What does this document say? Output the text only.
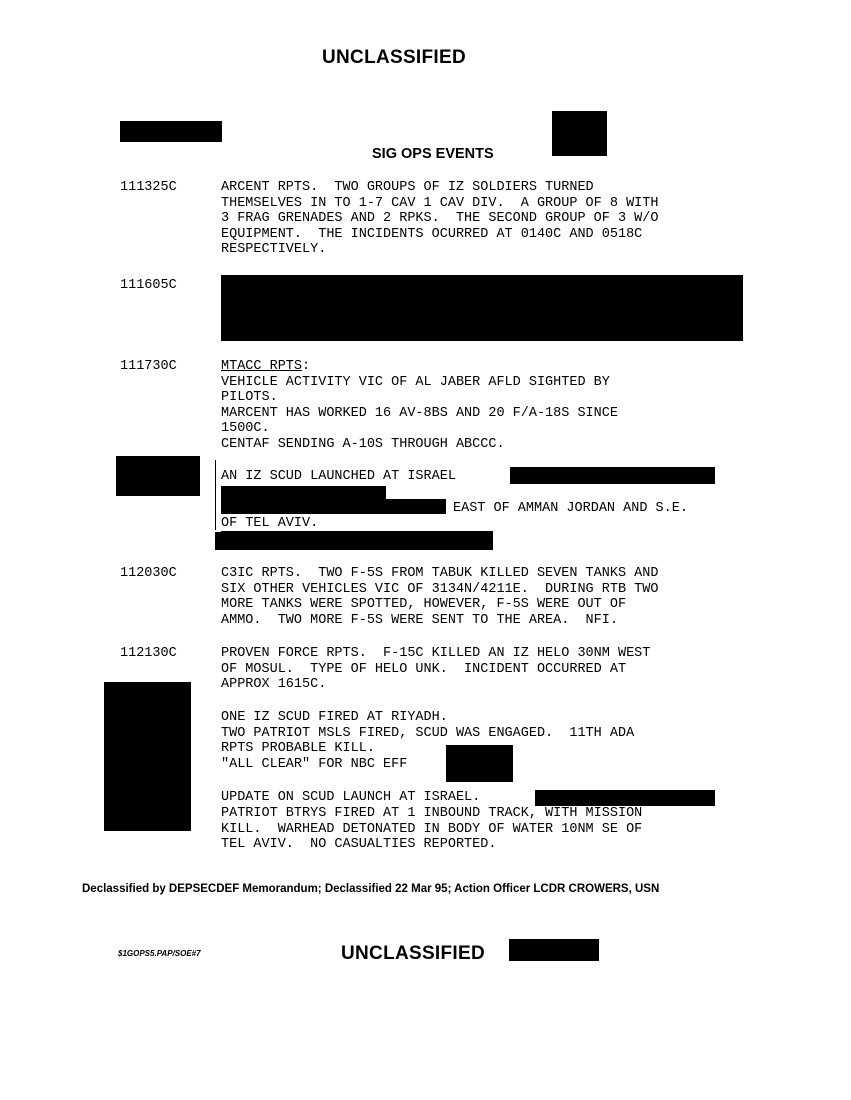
UNCLASSIFIED
SIG OPS EVENTS
111325C	ARCENT RPTS.  TWO GROUPS OF IZ SOLDIERS TURNED
THEMSELVES IN TO 1-7 CAV 1 CAV DIV.  A GROUP OF 8 WITH
3 FRAG GRENADES AND 2 RPKS.  THE SECOND GROUP OF 3 W/O
EQUIPMENT.  THE INCIDENTS OCURRED AT 0140C AND 0518C
RESPECTIVELY.
111605C
111730C	MTACC RPTS:
VEHICLE ACTIVITY VIC OF AL JABER AFLD SIGHTED BY
PILOTS.
MARCENT HAS WORKED 16 AV-8BS AND 20 F/A-18S SINCE
1500C.
CENTAF SENDING A-10S THROUGH ABCCC.
AN IZ SCUD LAUNCHED AT ISRAEL
EAST OF AMMAN JORDAN AND S.E.
OF TEL AVIV.
112030C	C3IC RPTS.  TWO F-5S FROM TABUK KILLED SEVEN TANKS AND
SIX OTHER VEHICLES VIC OF 3134N/4211E.  DURING RTB TWO
MORE TANKS WERE SPOTTED, HOWEVER, F-5S WERE OUT OF
AMMO.  TWO MORE F-5S WERE SENT TO THE AREA.  NFI.
112130C	PROVEN FORCE RPTS.  F-15C KILLED AN IZ HELO 30NM WEST
OF MOSUL.  TYPE OF HELO UNK.  INCIDENT OCCURRED AT
APPROX 1615C.
ONE IZ SCUD FIRED AT RIYADH.
TWO PATRIOT MSLS FIRED, SCUD WAS ENGAGED.  11TH ADA
RPTS PROBABLE KILL.
"ALL CLEAR" FOR NBC EFF
UPDATE ON SCUD LAUNCH AT ISRAEL.
PATRIOT BTRYS FIRED AT 1 INBOUND TRACK, WITH MISSION
KILL.  WARHEAD DETONATED IN BODY OF WATER 10NM SE OF
TEL AVIV.  NO CASUALTIES REPORTED.
Declassified by DEPSECDEF Memorandum; Declassified 22 Mar 95; Action Officer LCDR CROWERS, USN
$1GOPS5.PAP/SOE#7	UNCLASSIFIED
